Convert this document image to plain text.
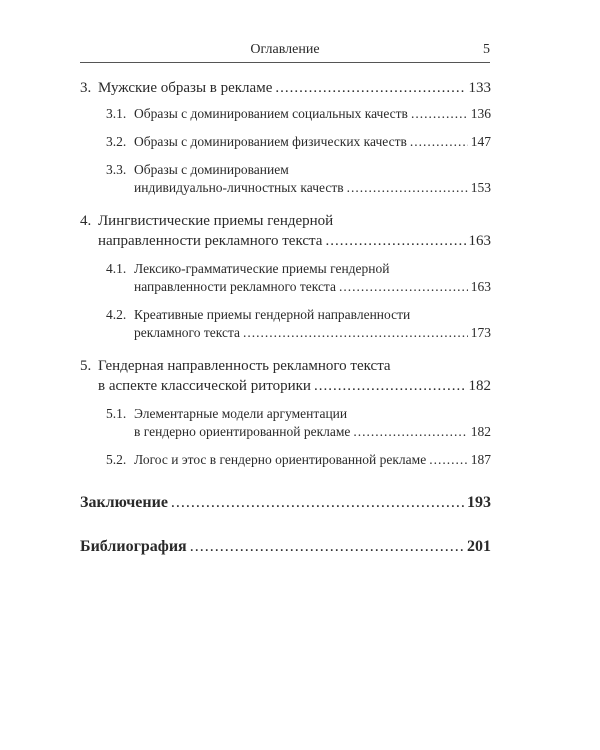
Оглавление	5
3. Мужские образы в рекламе .....	133
3.1. Образы с доминированием социальных качеств .....	136
3.2. Образы с доминированием физических качеств .....	147
3.3. Образы с доминированием
индивидуально-личностных качеств .....	153
4. Лингвистические приемы гендерной
направленности рекламного текста .....	163
4.1. Лексико-грамматические приемы гендерной
направленности рекламного текста .....	163
4.2. Креативные приемы гендерной направленности
рекламного текста .....	173
5. Гендерная направленность рекламного текста
в аспекте классической риторики .....	182
5.1. Элементарные модели аргументации
в гендерно ориентированной рекламе .....	182
5.2. Логос и этос в гендерно ориентированной рекламе .....	187
Заключение .....	193
Библиография .....	201
